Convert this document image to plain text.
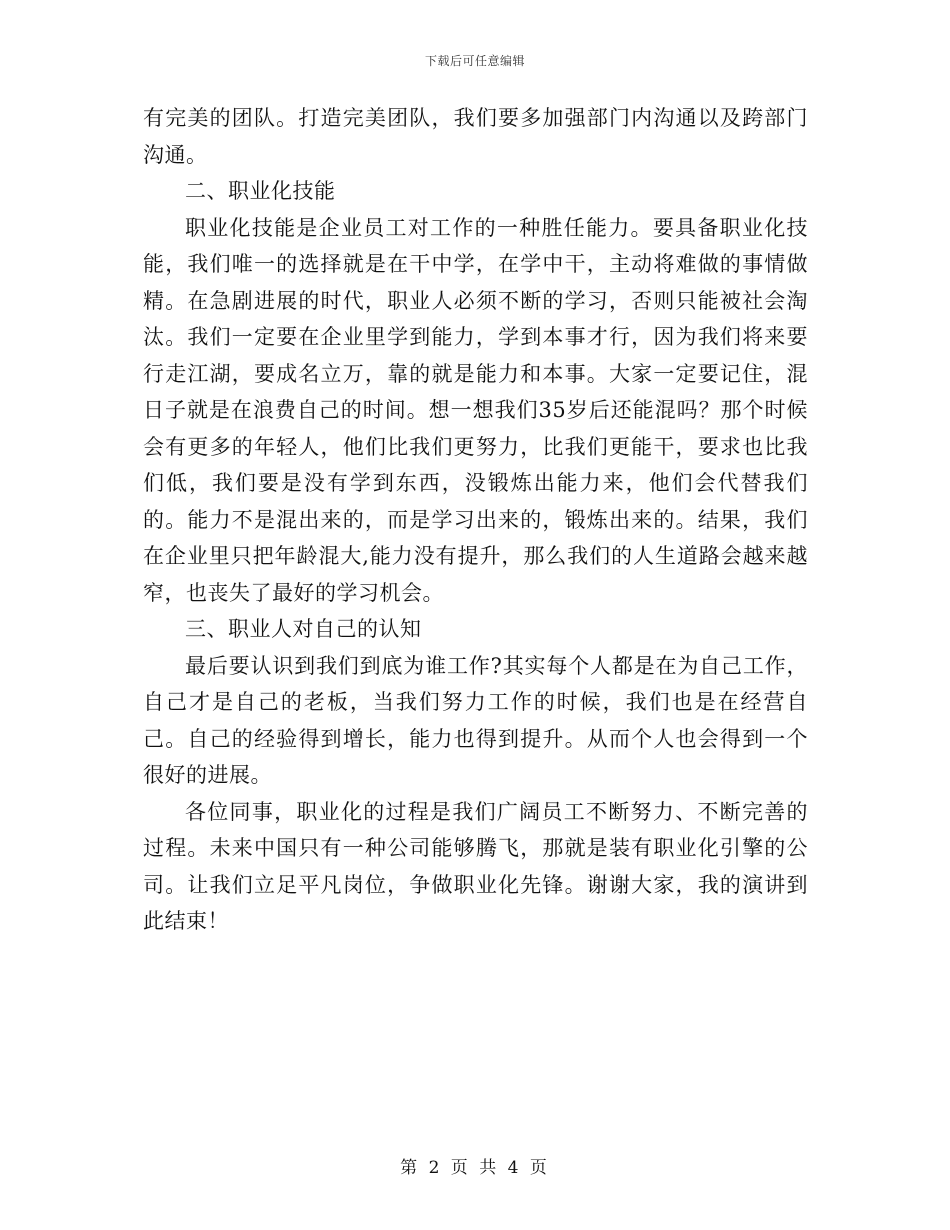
下载后可任意编辑

有完美的团队。打造完美团队，我们要多加强部门内沟通以及跨部门沟通。

二、职业化技能

职业化技能是企业员工对工作的一种胜任能力。要具备职业化技能，我们唯一的选择就是在干中学，在学中干，主动将难做的事情做精。在急剧进展的时代，职业人必须不断的学习，否则只能被社会淘汰。我们一定要在企业里学到能力，学到本事才行，因为我们将来要行走江湖，要成名立万，靠的就是能力和本事。大家一定要记住，混日子就是在浪费自己的时间。想一想我们35岁后还能混吗？那个时候会有更多的年轻人，他们比我们更努力，比我们更能干，要求也比我们低，我们要是没有学到东西，没锻炼出能力来，他们会代替我们的。能力不是混出来的，而是学习出来的，锻炼出来的。结果，我们在企业里只把年龄混大,能力没有提升，那么我们的人生道路会越来越窄，也丧失了最好的学习机会。

三、职业人对自己的认知

最后要认识到我们到底为谁工作?其实每个人都是在为自己工作，自己才是自己的老板，当我们努力工作的时候，我们也是在经营自己。自己的经验得到增长，能力也得到提升。从而个人也会得到一个很好的进展。

各位同事，职业化的过程是我们广阔员工不断努力、不断完善的过程。未来中国只有一种公司能够腾飞，那就是装有职业化引擎的公司。让我们立足平凡岗位，争做职业化先锋。谢谢大家，我的演讲到此结束！

第 2 页 共 4 页
